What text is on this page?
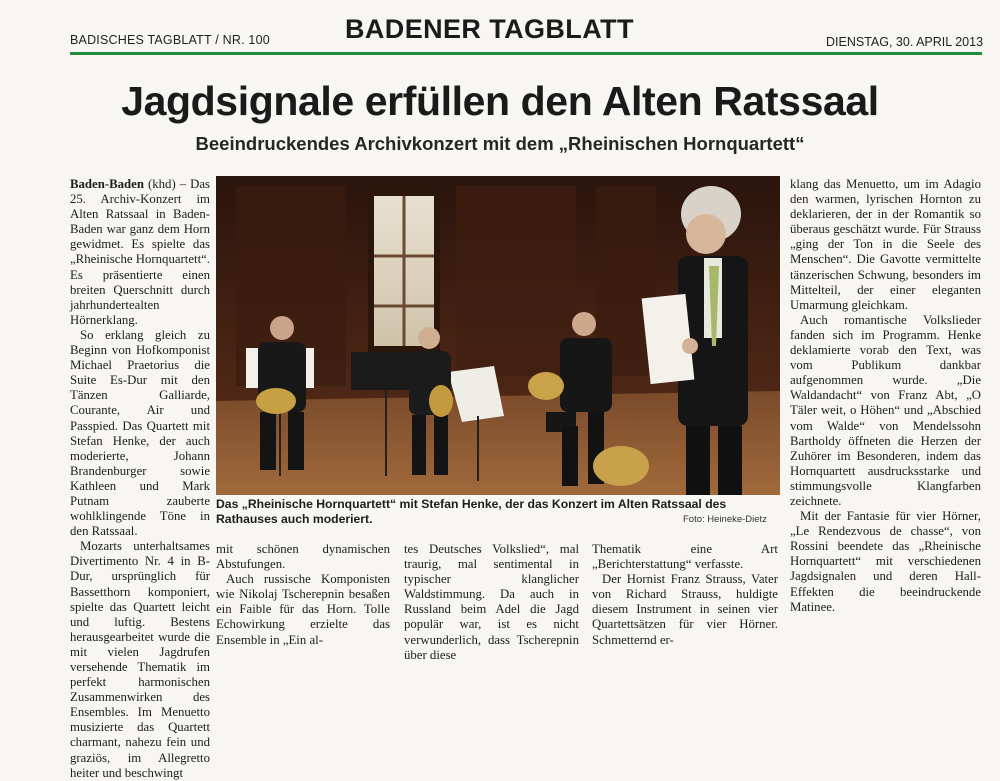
BADISCHES TAGBLATT / NR. 100	BADENER TAGBLATT	DIENSTAG, 30. APRIL 2013
Jagdsignale erfüllen den Alten Ratssaal
Beeindruckendes Archivkonzert mit dem „Rheinischen Hornquartett“

Baden-Baden (khd) – Das 25. Archiv-Konzert im Alten Ratssaal in Baden-Baden war ganz dem Horn gewidmet. Es spielte das „Rheinische Hornquartett“. Es präsentierte einen breiten Querschnitt durch jahrhundertealten Hörnerklang.

So erklang gleich zu Beginn von Hofkomponist Michael Praetorius die Suite Es-Dur mit den Tänzen Galliarde, Courante, Air und Passpied. Das Quartett mit Stefan Henke, der auch moderierte, Johann Brandenburger sowie Kathleen und Mark Putnam zauberte wohlklingende Töne in den Ratssaal.

Mozarts unterhaltsames Divertimento Nr. 4 in B-Dur, ursprünglich für Bassetthorn komponiert, spielte das Quartett leicht und luftig. Bestens herausgearbeitet wurde die mit vielen Jagdrufen versehende Thematik im perfekt harmonischen Zusammenwirken des Ensembles. Im Menuetto musizierte das Quartett charmant, nahezu fein und graziös, im Allegretto heiter und beschwingt

Das „Rheinische Hornquartett“ mit Stefan Henke, der das Konzert im Alten Ratssaal des Rathauses auch moderiert.	Foto: Heineke-Dietz

mit schönen dynamischen Abstufungen.

Auch russische Komponisten wie Nikolaj Tscherepnin besaßen ein Faible für das Horn. Tolle Echowirkung erzielte das Ensemble in „Ein al-

tes Deutsches Volkslied“, mal traurig, mal sentimental in typischer klanglicher Waldstimmung. Da auch in Russland beim Adel die Jagd populär war, ist es nicht verwunderlich, dass Tscherepnin über diese

Thematik eine Art „Berichterstattung“ verfasste.

Der Hornist Franz Strauss, Vater von Richard Strauss, huldigte diesem Instrument in seinen vier Quartettsätzen für vier Hörner. Schmetternd er-

klang das Menuetto, um im Adagio den warmen, lyrischen Hornton zu deklarieren, der in der Romantik so überaus geschätzt wurde. Für Strauss „ging der Ton in die Seele des Menschen“. Die Gavotte vermittelte tänzerischen Schwung, besonders im Mittelteil, der einer eleganten Umarmung gleichkam.

Auch romantische Volkslieder fanden sich im Programm. Henke deklamierte vorab den Text, was vom Publikum dankbar aufgenommen wurde. „Die Waldandacht“ von Franz Abt, „O Täler weit, o Höhen“ und „Abschied vom Walde“ von Mendelssohn Bartholdy öffneten die Herzen der Zuhörer im Besonderen, indem das Hornquartett ausdrucksstarke und stimmungsvolle Klangfarben zeichnete.

Mit der Fantasie für vier Hörner, „Le Rendezvous de chasse“, von Rossini beendete das „Rheinische Hornquartett“ mit verschiedenen Jagdsignalen und deren Hall-Effekten die beeindruckende Matinee.
